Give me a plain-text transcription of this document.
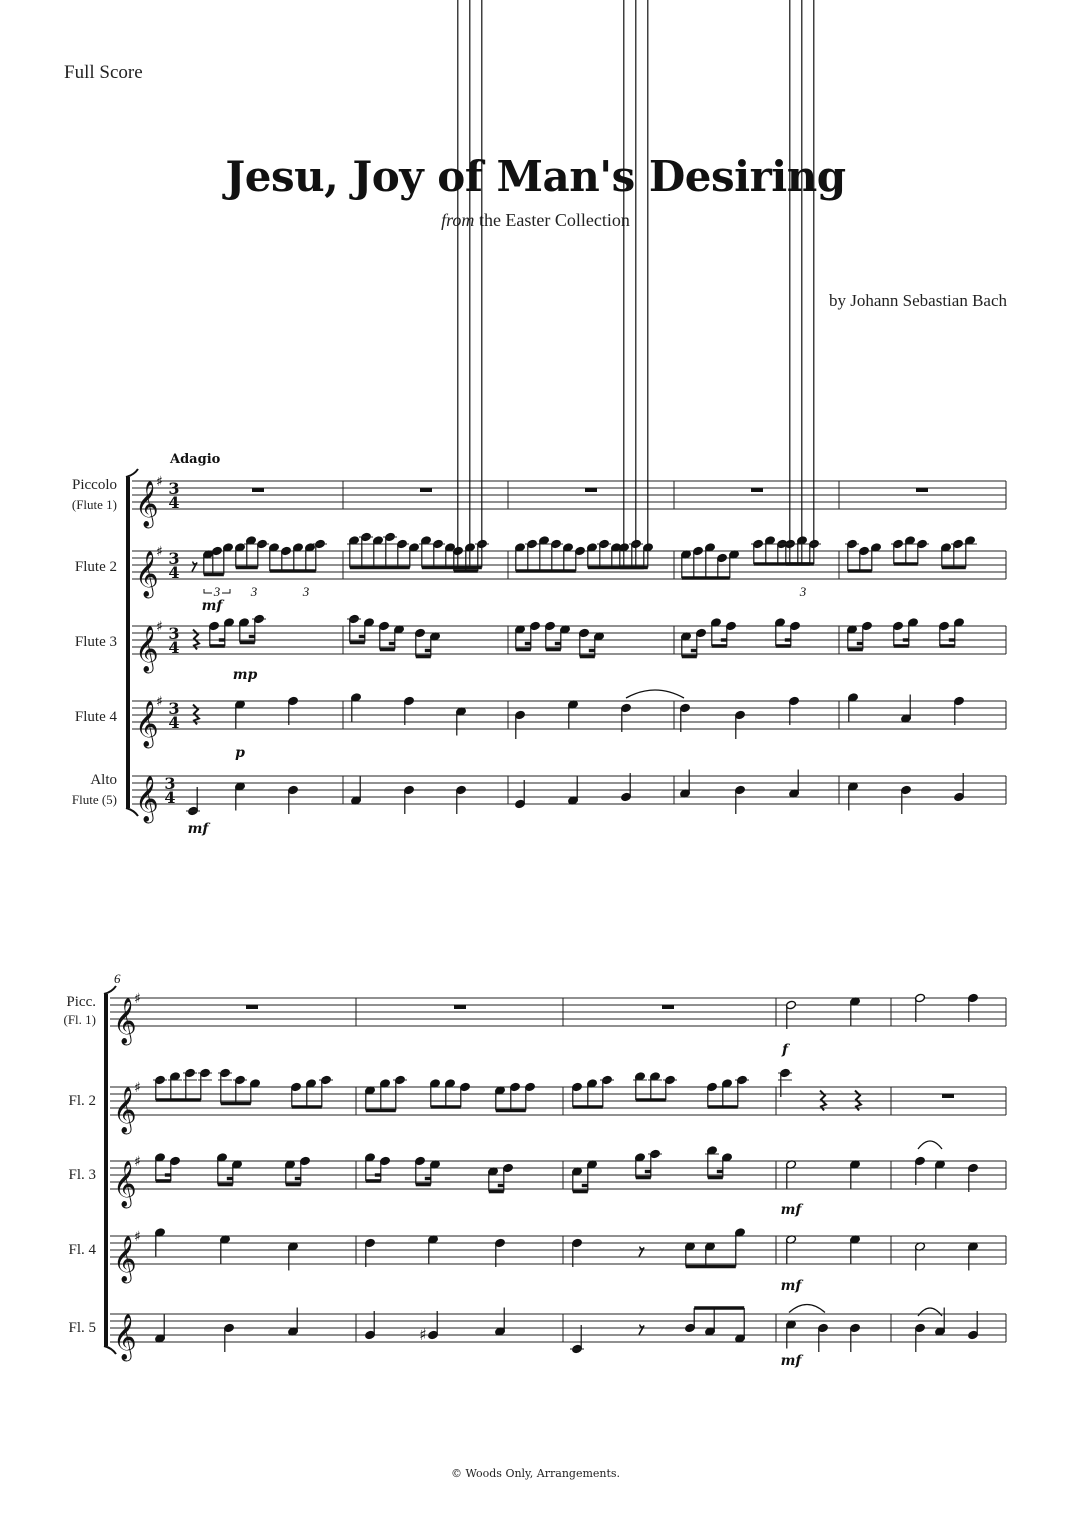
Full Score
Jesu, Joy of Man's Desiring
from the Easter Collection
by Johann Sebastian Bach
© Woods Only, Arrangements.
Adagio
𝄞
♯ 3
4
Piccolo
(Flute 1)
𝄞
♯ 3
4
Flute 2
𝄞
♯ 3
4
Flute 3
𝄞
♯ 3
4
Flute 4
𝄞 3
4
Alto
Flute (5)
3 3	3	3
mf
mp
p
mf
6
𝄞
♯
Picc.
(Fl. 1)
𝄞
♯
Fl. 2
𝄞
♯
Fl. 3
𝄞
♯
Fl. 4
𝄞
Fl. 5
f
mf
mf
♯
mf
